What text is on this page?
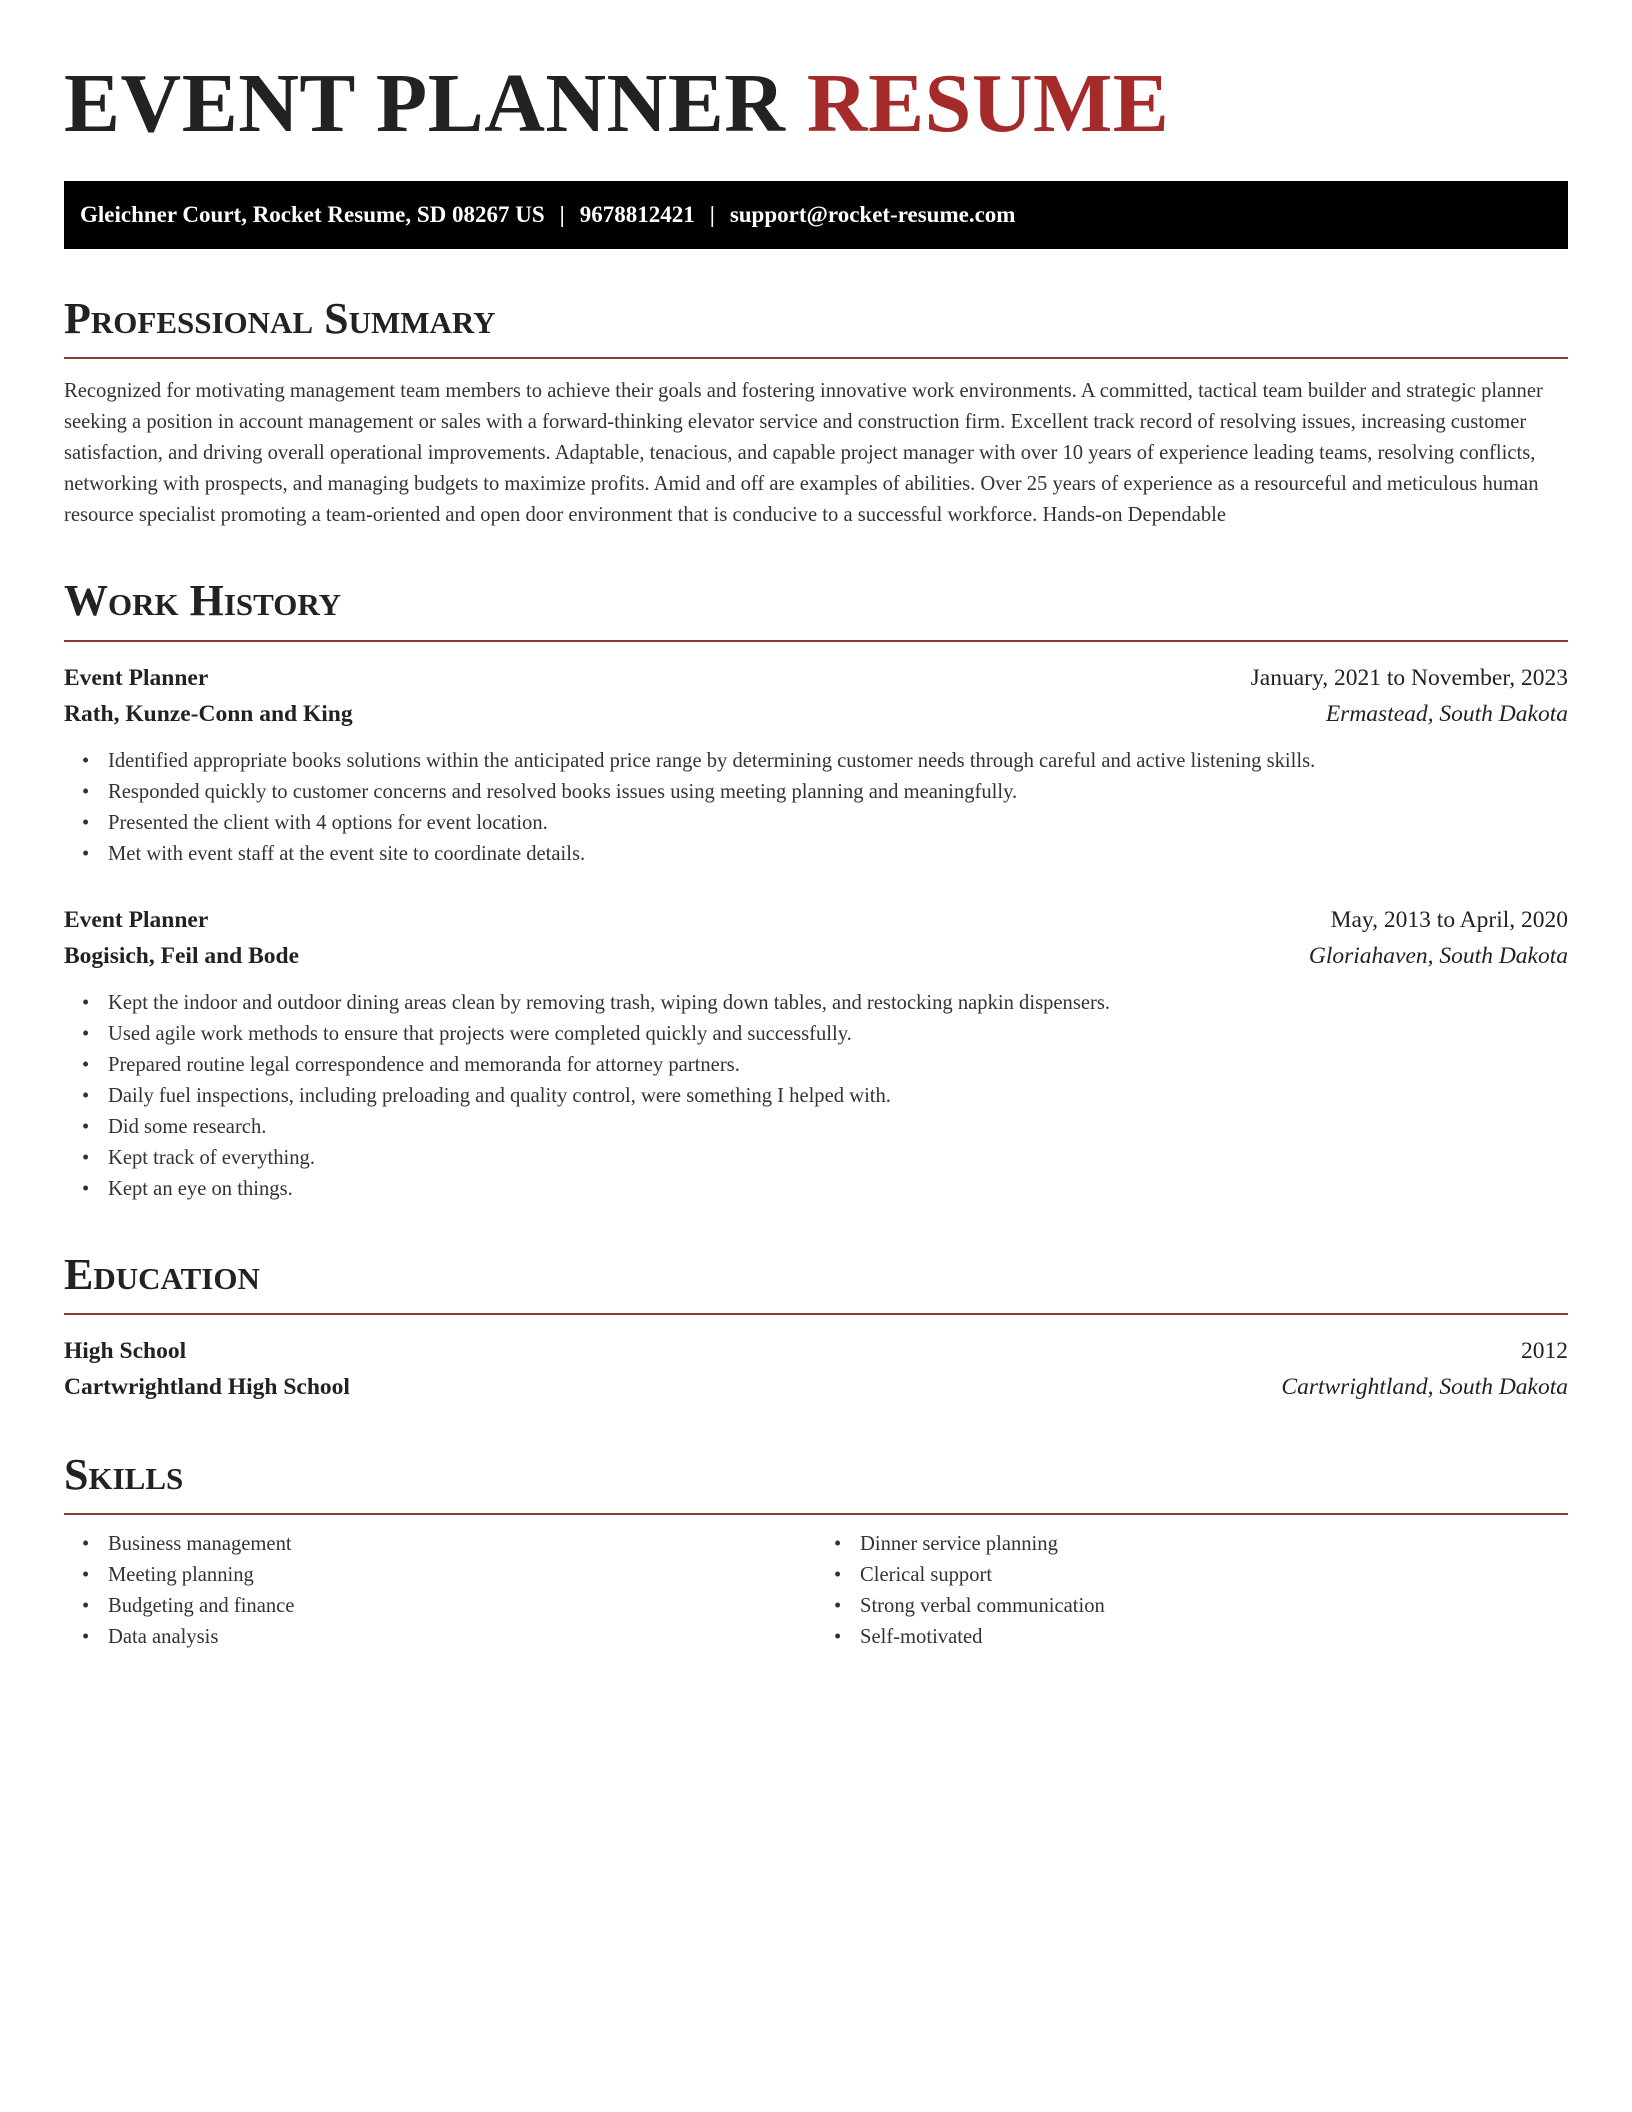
EVENT PLANNER RESUME
Gleichner Court, Rocket Resume, SD 08267 US | 9678812421 | support@rocket-resume.com
Professional Summary

Recognized for motivating management team members to achieve their goals and fostering innovative work environments. A committed, tactical team builder and strategic planner seeking a position in account management or sales with a forward-thinking elevator service and construction firm. Excellent track record of resolving issues, increasing customer satisfaction, and driving overall operational improvements. Adaptable, tenacious, and capable project manager with over 10 years of experience leading teams, resolving conflicts, networking with prospects, and managing budgets to maximize profits. Amid and off are examples of abilities. Over 25 years of experience as a resourceful and meticulous human resource specialist promoting a team-oriented and open door environment that is conducive to a successful workforce. Hands-on Dependable

Work History
Event Planner	January, 2021 to November, 2023
Rath, Kunze-Conn and King	Ermastead, South Dakota
• Identified appropriate books solutions within the anticipated price range by determining customer needs through careful and active listening skills.
• Responded quickly to customer concerns and resolved books issues using meeting planning and meaningfully.
• Presented the client with 4 options for event location.
• Met with event staff at the event site to coordinate details.
Event Planner	May, 2013 to April, 2020
Bogisich, Feil and Bode	Gloriahaven, South Dakota
• Kept the indoor and outdoor dining areas clean by removing trash, wiping down tables, and restocking napkin dispensers.
• Used agile work methods to ensure that projects were completed quickly and successfully.
• Prepared routine legal correspondence and memoranda for attorney partners.
• Daily fuel inspections, including preloading and quality control, were something I helped with.
• Did some research.
• Kept track of everything.
• Kept an eye on things.
Education
High School	2012
Cartwrightland High School	Cartwrightland, South Dakota
Skills
• Business management
• Meeting planning
• Budgeting and finance
• Data analysis
• Dinner service planning
• Clerical support
• Strong verbal communication
• Self-motivated
